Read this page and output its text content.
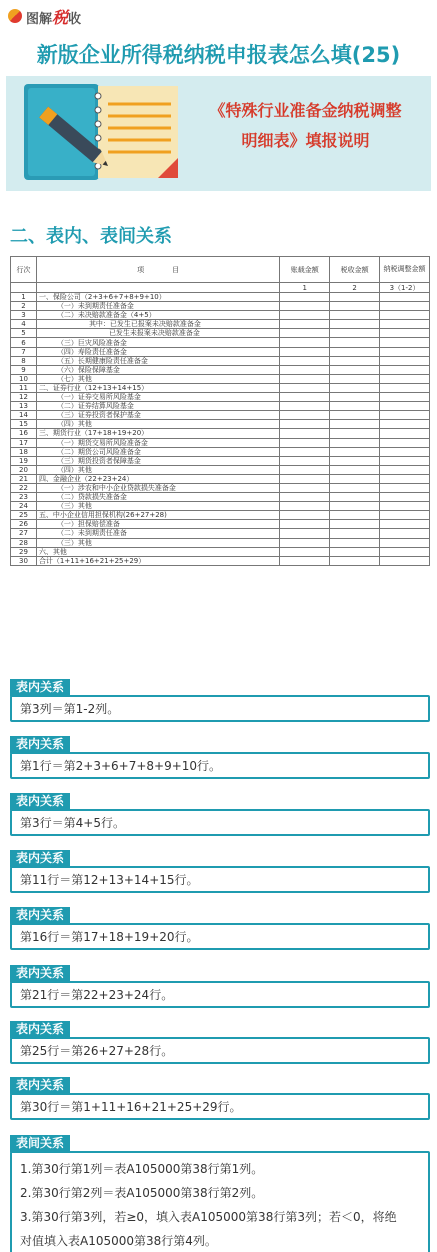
图解税收
新版企业所得税纳税申报表怎么填(25)
《特殊行业准备金纳税调整
明细表》填报说明
二、表内、表间关系
行次	项　　　　目	账载金额	税收金额	纳税调整金额
		1	2	3（1-2）
1	一、保险公司（2+3+6+7+8+9+10）			
2	（一）未到期责任准备金			
3	（二）未决赔款准备金（4+5）			
4	其中：已发生已报案未决赔款准备金			
5	已发生未报案未决赔款准备金			
6	（三）巨灾风险准备金			
7	（四）寿险责任准备金			
8	（五）长期健康险责任准备金			
9	（六）保险保障基金			
10	（七）其他			
11	二、证券行业（12+13+14+15）			
12	（一）证券交易所风险基金			
13	（二）证券结算风险基金			
14	（三）证券投资者保护基金			
15	（四）其他			
16	三、期货行业（17+18+19+20）			
17	（一）期货交易所风险准备金			
18	（二）期货公司风险准备金			
19	（三）期货投资者保障基金			
20	（四）其他			
21	四、金融企业（22+23+24）			
22	（一）涉农和中小企业贷款损失准备金			
23	（二）贷款损失准备金			
24	（三）其他			
25	五、中小企业信用担保机构(26+27+28)			
26	（一）担保赔偿准备			
27	（二）未到期责任准备			
28	（三）其他			
29	六、其他			
30	合计（1+11+16+21+25+29）			
表内关系
第3列＝第1-2列。
表内关系
第1行＝第2+3+6+7+8+9+10行。
表内关系
第3行＝第4+5行。
表内关系
第11行＝第12+13+14+15行。
表内关系
第16行＝第17+18+19+20行。
表内关系
第21行＝第22+23+24行。
表内关系
第25行＝第26+27+28行。
表内关系
第30行＝第1+11+16+21+25+29行。
表间关系
1.第30行第1列＝表A105000第38行第1列。
2.第30行第2列＝表A105000第38行第2列。
3.第30行第3列，若≥0，填入表A105000第38行第3列；若＜0，将绝
对值填入表A105000第38行第4列。
